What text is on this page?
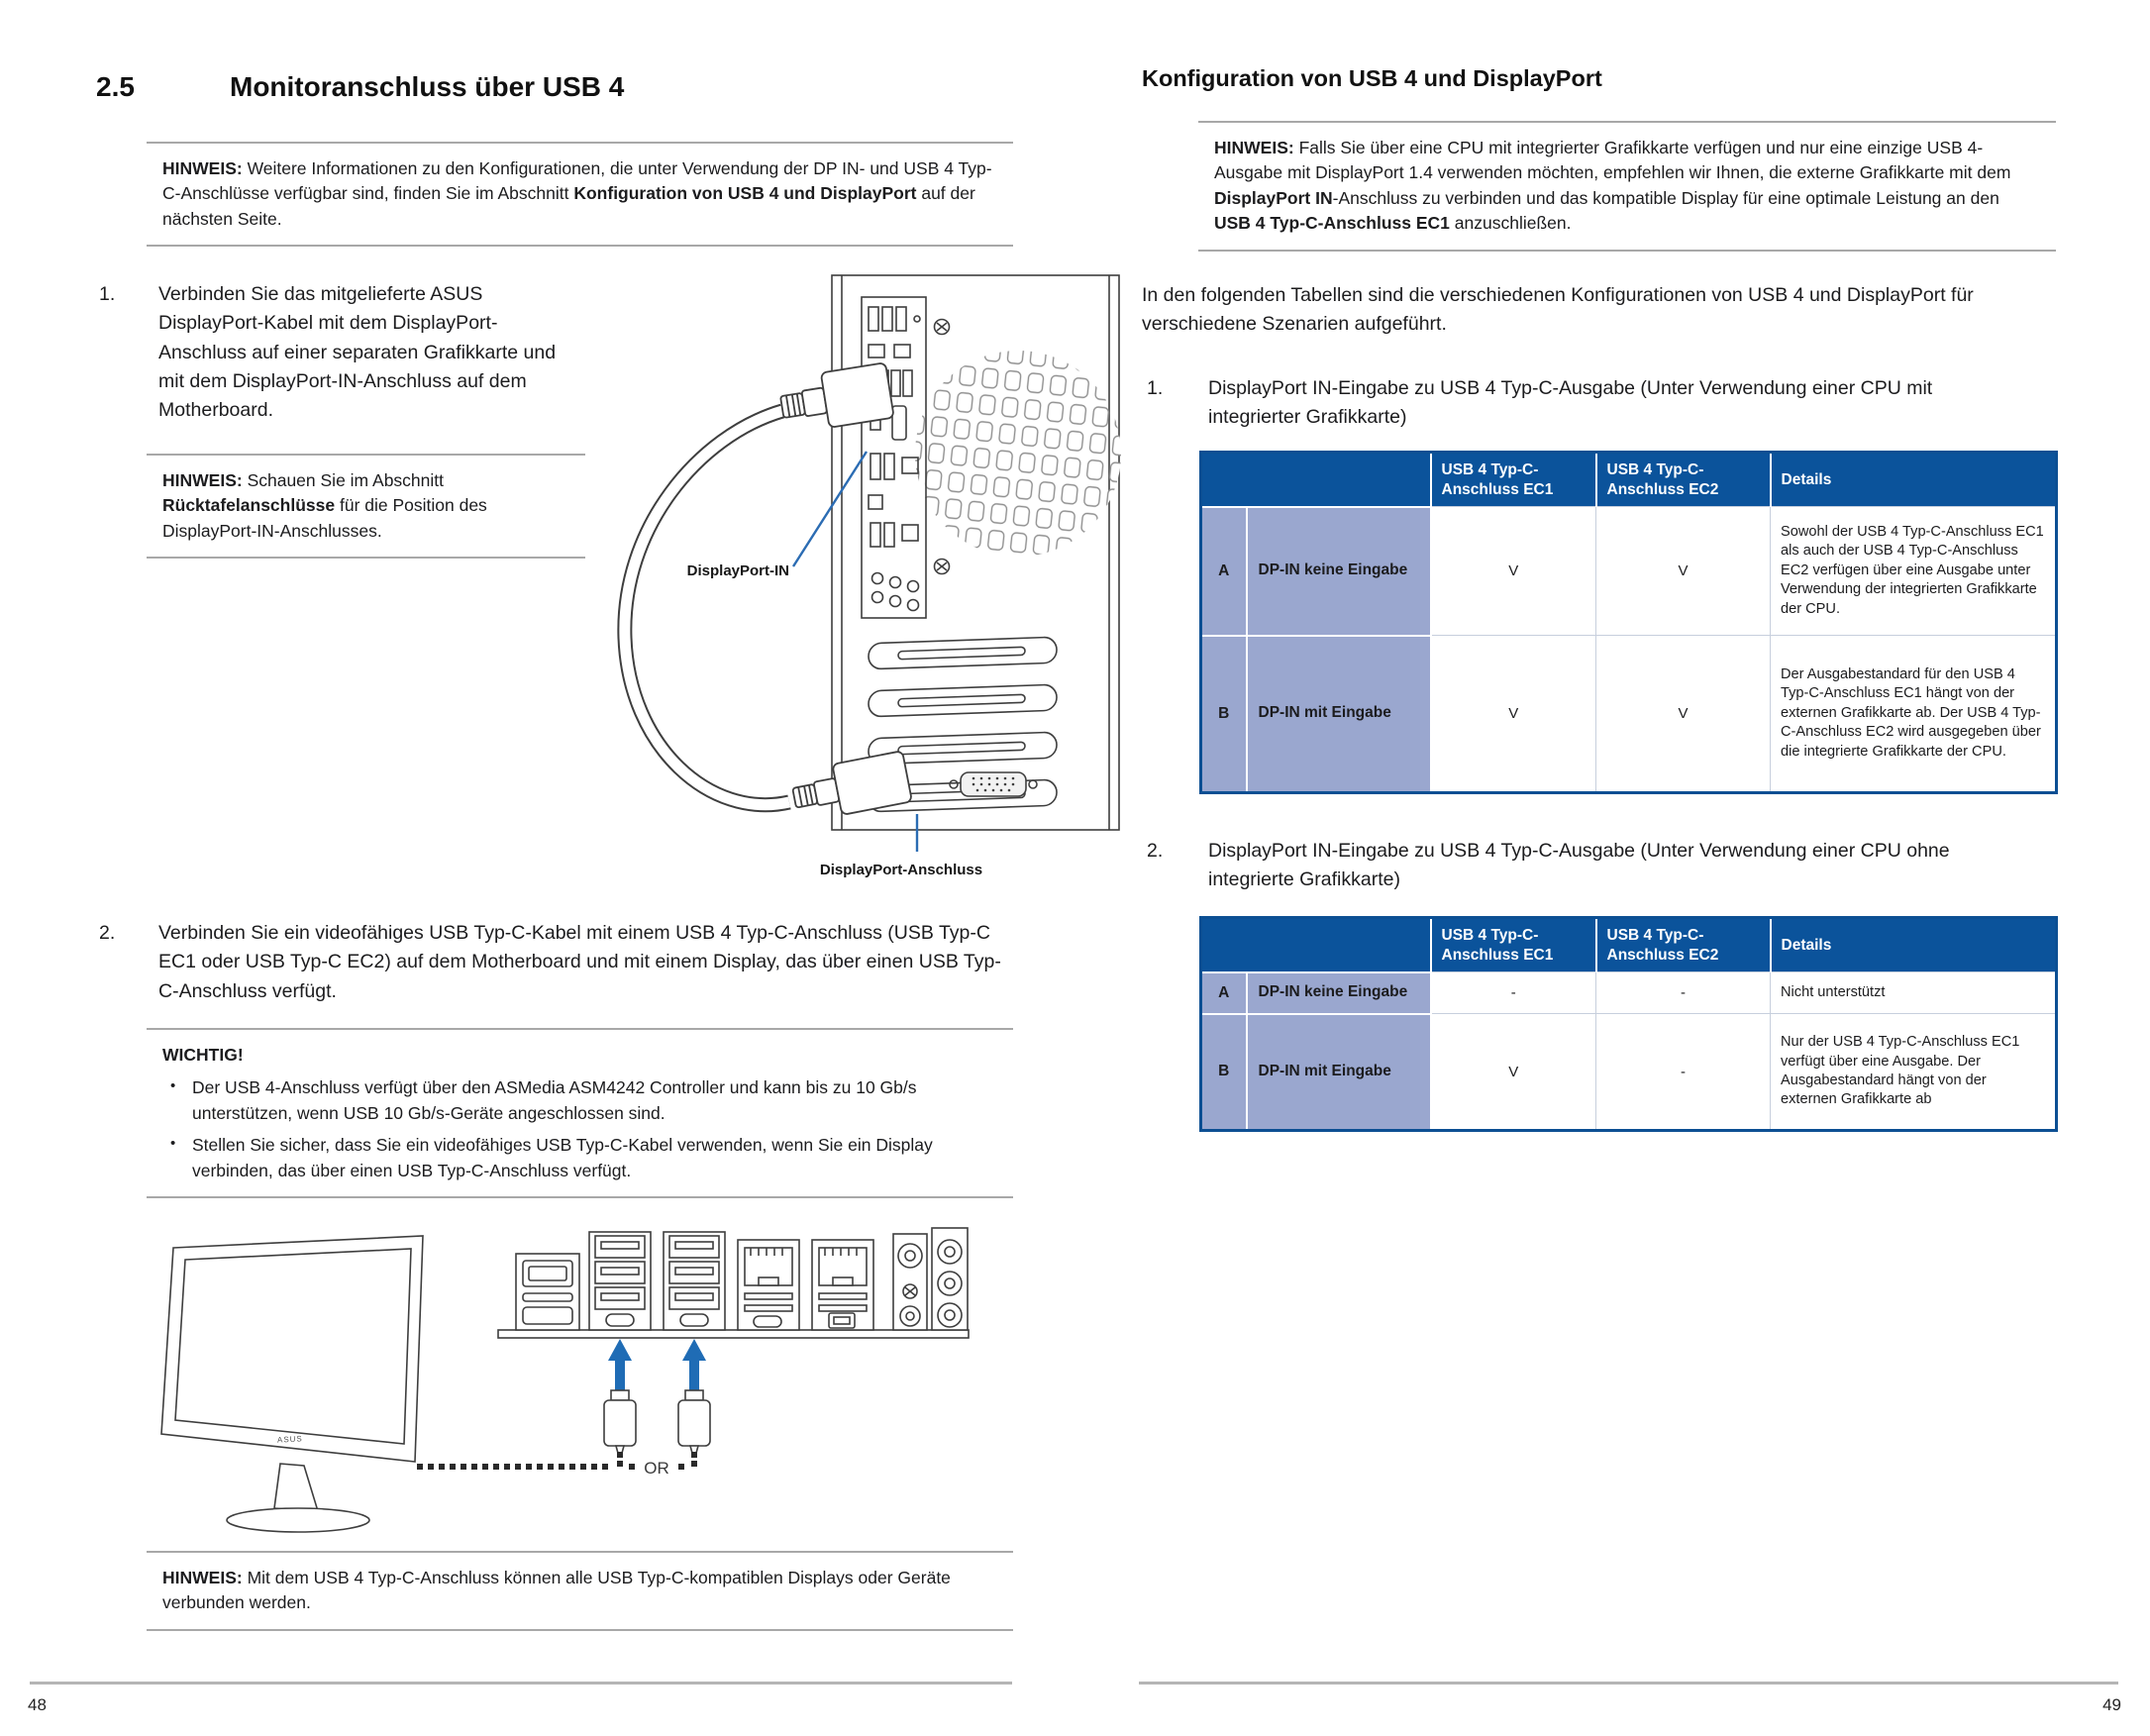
2.5	Monitoranschluss über USB 4
HINWEIS: Weitere Informationen zu den Konfigurationen, die unter Verwendung der DP IN- und USB 4 Typ-C-Anschlüsse verfügbar sind, finden Sie im Abschnitt Konfiguration von USB 4 und DisplayPort auf der nächsten Seite.
1. Verbinden Sie das mitgelieferte ASUS DisplayPort-Kabel mit dem DisplayPort-Anschluss auf einer separaten Grafikkarte und mit dem DisplayPort-IN-Anschluss auf dem Motherboard.
HINWEIS: Schauen Sie im Abschnitt Rücktafelanschlüsse für die Position des DisplayPort-IN-Anschlusses.
DisplayPort-IN
DisplayPort-Anschluss
2. Verbinden Sie ein videofähiges USB Typ-C-Kabel mit einem USB 4 Typ-C-Anschluss (USB Typ-C EC1 oder USB Typ-C EC2) auf dem Motherboard und mit einem Display, das über einen USB Typ-C-Anschluss verfügt.
WICHTIG!
• Der USB 4-Anschluss verfügt über den ASMedia ASM4242 Controller und kann bis zu 10 Gb/s unterstützen, wenn USB 10 Gb/s-Geräte angeschlossen sind.
• Stellen Sie sicher, dass Sie ein videofähiges USB Typ-C-Kabel verwenden, wenn Sie ein Display verbinden, das über einen USB Typ-C-Anschluss verfügt.
OR
ASUS
HINWEIS: Mit dem USB 4 Typ-C-Anschluss können alle USB Typ-C-kompatiblen Displays oder Geräte verbunden werden.
48
Konfiguration von USB 4 und DisplayPort
HINWEIS: Falls Sie über eine CPU mit integrierter Grafikkarte verfügen und nur eine einzige USB 4-Ausgabe mit DisplayPort 1.4 verwenden möchten, empfehlen wir Ihnen, die externe Grafikkarte mit dem DisplayPort IN-Anschluss zu verbinden und das kompatible Display für eine optimale Leistung an den USB 4 Typ-C-Anschluss EC1 anzuschließen.
In den folgenden Tabellen sind die verschiedenen Konfigurationen von USB 4 und DisplayPort für verschiedene Szenarien aufgeführt.
1. DisplayPort IN-Eingabe zu USB 4 Typ-C-Ausgabe (Unter Verwendung einer CPU mit integrierter Grafikkarte)
		USB 4 Typ-C-Anschluss EC1	USB 4 Typ-C-Anschluss EC2	Details
A	DP-IN keine Eingabe	V	V	Sowohl der USB 4 Typ-C-Anschluss EC1 als auch der USB 4 Typ-C-Anschluss EC2 verfügen über eine Ausgabe unter Verwendung der integrierten Grafikkarte der CPU.
B	DP-IN mit Eingabe	V	V	Der Ausgabestandard für den USB 4 Typ-C-Anschluss EC1 hängt von der externen Grafikkarte ab. Der USB 4 Typ-C-Anschluss EC2 wird ausgegeben über die integrierte Grafikkarte der CPU.
2. DisplayPort IN-Eingabe zu USB 4 Typ-C-Ausgabe (Unter Verwendung einer CPU ohne integrierte Grafikkarte)
		USB 4 Typ-C-Anschluss EC1	USB 4 Typ-C-Anschluss EC2	Details
A	DP-IN keine Eingabe	-	-	Nicht unterstützt
B	DP-IN mit Eingabe	V	-	Nur der USB 4 Typ-C-Anschluss EC1 verfügt über eine Ausgabe. Der Ausgabestandard hängt von der externen Grafikkarte ab
49
